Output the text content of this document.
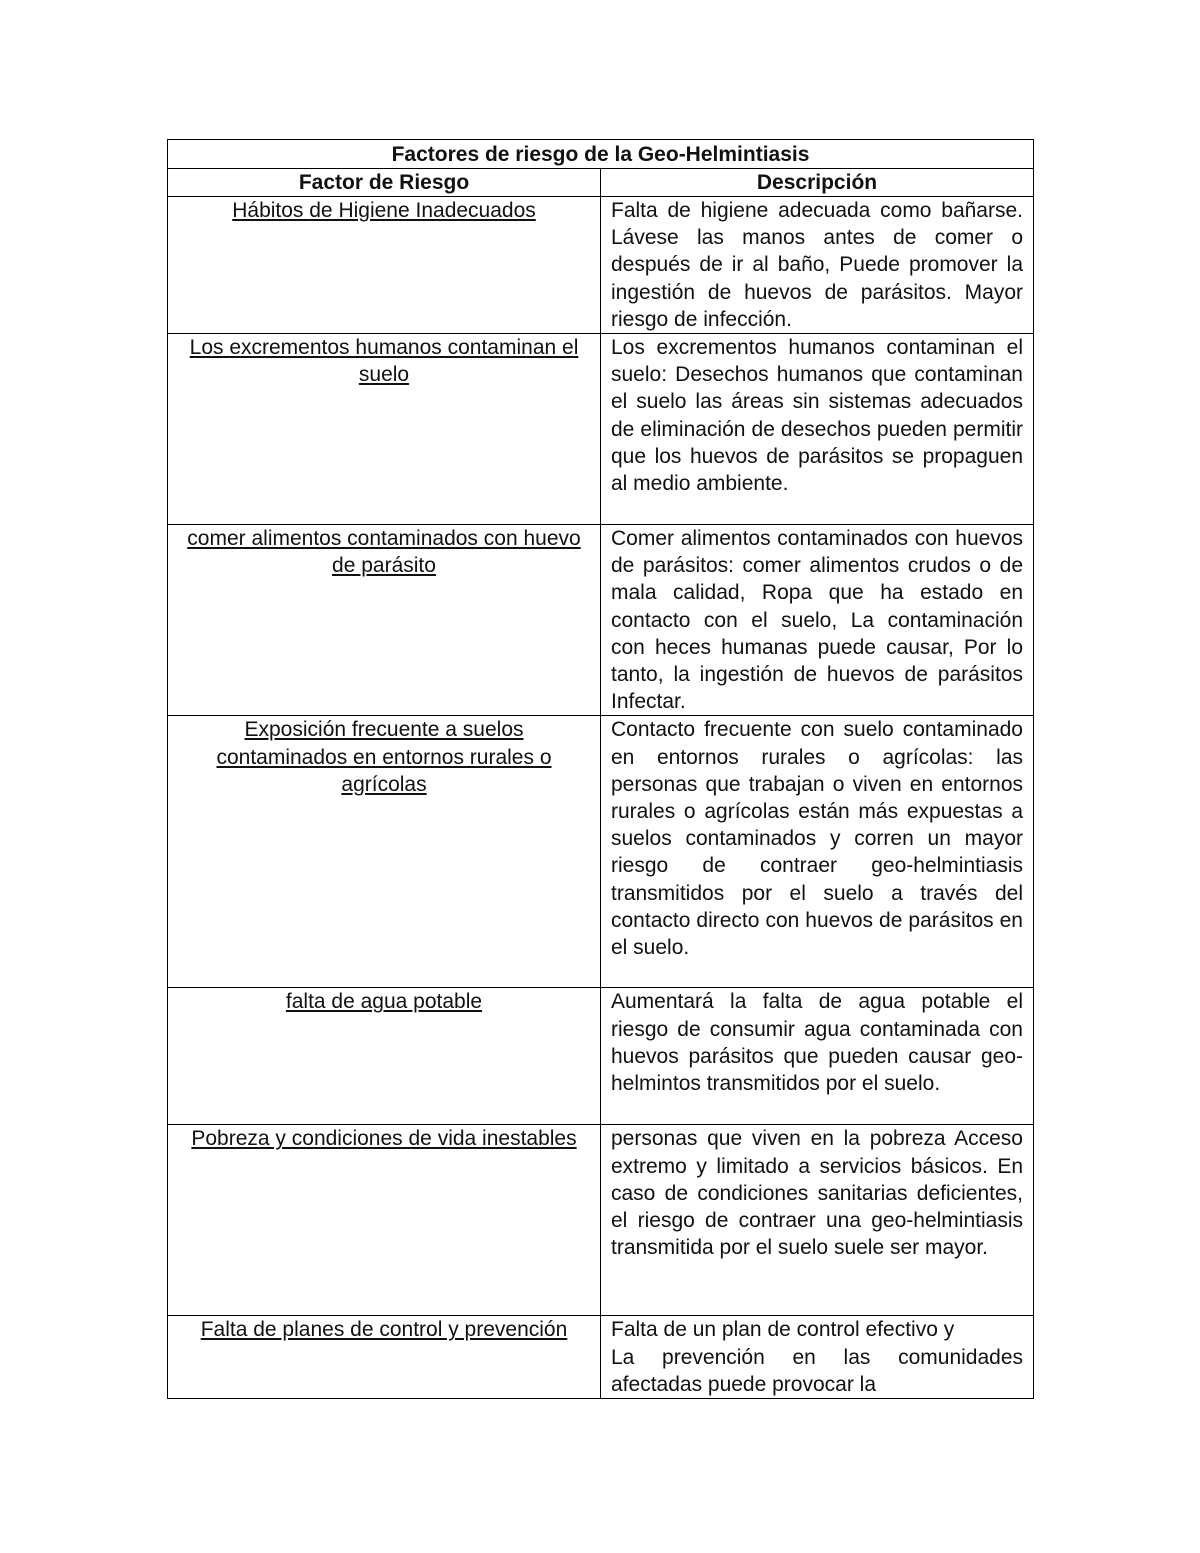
Factores de riesgo de la Geo-Helmintiasis	
Factor de Riesgo	Descripción
Hábitos de Higiene Inadecuados	Falta de higiene adecuada como bañarse. Lávese las manos antes de comer o después de ir al baño, Puede promover la ingestión de huevos de parásitos. Mayor riesgo de infección.
Los excrementos humanos contaminan el suelo	Los excrementos humanos contaminan el suelo: Desechos humanos que contaminan el suelo las áreas sin sistemas adecuados de eliminación de desechos pueden permitir que los huevos de parásitos se propaguen al medio ambiente.
comer alimentos contaminados con huevo de parásito	Comer alimentos contaminados con huevos de parásitos: comer alimentos crudos o de mala calidad, Ropa que ha estado en contacto con el suelo, La contaminación con heces humanas puede causar, Por lo tanto, la ingestión de huevos de parásitos Infectar.
Exposición frecuente a suelos contaminados en entornos rurales o agrícolas	Contacto frecuente con suelo contaminado en entornos rurales o agrícolas: las personas que trabajan o viven en entornos rurales o agrícolas están más expuestas a suelos contaminados y corren un mayor riesgo de contraer geo-helmintiasis transmitidos por el suelo a través del contacto directo con huevos de parásitos en el suelo.
falta de agua potable	Aumentará la falta de agua potable el riesgo de consumir agua contaminada con huevos parásitos que pueden causar geo-helmintos transmitidos por el suelo.
Pobreza y condiciones de vida inestables	personas que viven en la pobreza Acceso extremo y limitado a servicios básicos. En caso de condiciones sanitarias deficientes, el riesgo de contraer una geo-helmintiasis transmitida por el suelo suele ser mayor.
Falta de planes de control y prevención	Falta de un plan de control efectivo y
La prevención en las comunidades afectadas puede provocar la
